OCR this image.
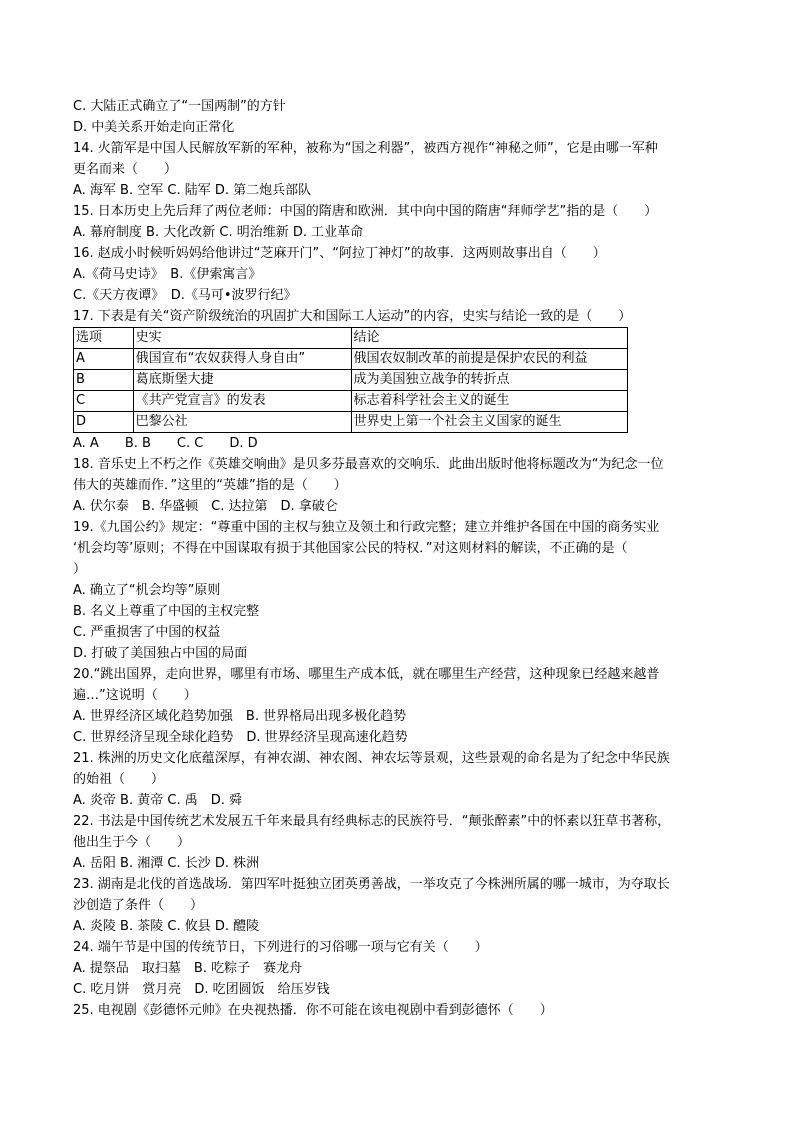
C. 大陆正式确立了“一国两制”的方针
D. 中美关系开始走向正常化
14. 火箭军是中国人民解放军新的军种，被称为“国之利器”，被西方视作“神秘之师”，它是由哪一军种
更名而来（　　）
A. 海军 B. 空军 C. 陆军 D. 第二炮兵部队
15. 日本历史上先后拜了两位老师：中国的隋唐和欧洲．其中向中国的隋唐“拜师学艺”指的是（　　）
A. 幕府制度 B. 大化改新 C. 明治维新 D. 工业革命
16. 赵成小时候听妈妈给他讲过“芝麻开门”、“阿拉丁神灯”的故事．这两则故事出自（　　）
A.《荷马史诗》　B.《伊索寓言》
C.《天方夜谭》　D.《马可•波罗行纪》
17. 下表是有关“资产阶级统治的巩固扩大和国际工人运动”的内容，史实与结论一致的是（　　）
选项	史实	结论
A	俄国宣布“农奴获得人身自由”	俄国农奴制改革的前提是保护农民的利益
B	葛底斯堡大捷	成为美国独立战争的转折点
C	《共产党宣言》的发表	标志着科学社会主义的诞生
D	巴黎公社	世界史上第一个社会主义国家的诞生
A. A　　B. B　　C. C　　D. D
18. 音乐史上不朽之作《英雄交响曲》是贝多芬最喜欢的交响乐．此曲出版时他将标题改为“为纪念一位
伟大的英雄而作．”这里的“英雄”指的是（　　）
A. 伏尔泰　B. 华盛顿　C. 达拉第　D. 拿破仑
19.《九国公约》规定：“尊重中国的主权与独立及领土和行政完整；建立并维护各国在中国的商务实业
‘机会均等’原则；不得在中国谋取有损于其他国家公民的特权．”对这则材料的解读，不正确的是（
）
A. 确立了“机会均等”原则
B. 名义上尊重了中国的主权完整
C. 严重损害了中国的权益
D. 打破了美国独占中国的局面
20.“跳出国界，走向世界，哪里有市场、哪里生产成本低，就在哪里生产经营，这种现象已经越来越普
遍…”这说明（　　）
A. 世界经济区域化趋势加强　B. 世界格局出现多极化趋势
C. 世界经济呈现全球化趋势　D. 世界经济呈现高速化趋势
21. 株洲的历史文化底蕴深厚，有神农湖、神农阁、神农坛等景观，这些景观的命名是为了纪念中华民族
的始祖（　　）
A. 炎帝 B. 黄帝 C. 禹　D. 舜
22. 书法是中国传统艺术发展五千年来最具有经典标志的民族符号．“颠张醉素”中的怀素以狂草书著称，
他出生于今（　　）
A. 岳阳 B. 湘潭 C. 长沙 D. 株洲
23. 湖南是北伐的首选战场．第四军叶挺独立团英勇善战，一举攻克了今株洲所属的哪一城市，为夺取长
沙创造了条件（　　）
A. 炎陵 B. 茶陵 C. 攸县 D. 醴陵
24. 端午节是中国的传统节日，下列进行的习俗哪一项与它有关（　　）
A. 提祭品　取扫墓　B. 吃粽子　赛龙舟
C. 吃月饼　赏月亮　D. 吃团圆饭　给压岁钱
25. 电视剧《彭德怀元帅》在央视热播．你不可能在该电视剧中看到彭德怀（　　）
